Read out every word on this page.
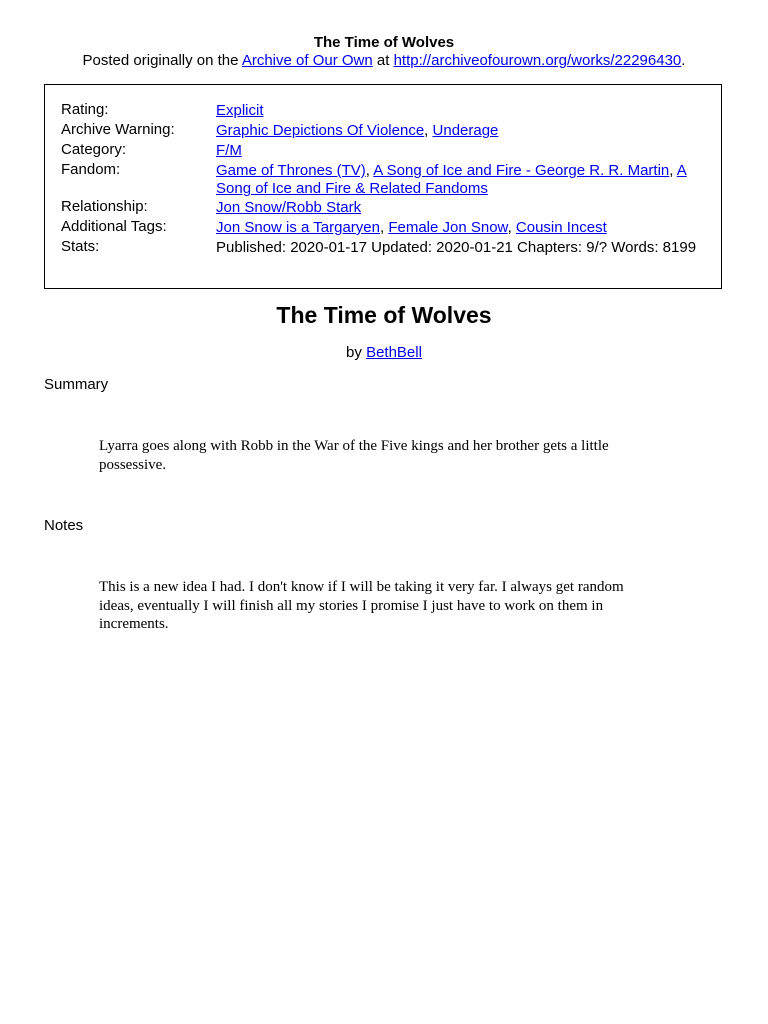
The Time of Wolves
Posted originally on the Archive of Our Own at http://archiveofourown.org/works/22296430.
Rating:	Explicit
Archive Warning:	Graphic Depictions Of Violence, Underage
Category:	F/M
Fandom:	Game of Thrones (TV), A Song of Ice and Fire - George R. R. Martin, A Song of Ice and Fire & Related Fandoms
Relationship:	Jon Snow/Robb Stark
Additional Tags:	Jon Snow is a Targaryen, Female Jon Snow, Cousin Incest
Stats:	Published: 2020-01-17 Updated: 2020-01-21 Chapters: 9/? Words: 8199
The Time of Wolves
by BethBell
Summary
Lyarra goes along with Robb in the War of the Five kings and her brother gets a little possessive.
Notes
This is a new idea I had. I don't know if I will be taking it very far. I always get random ideas, eventually I will finish all my stories I promise I just have to work on them in increments.
